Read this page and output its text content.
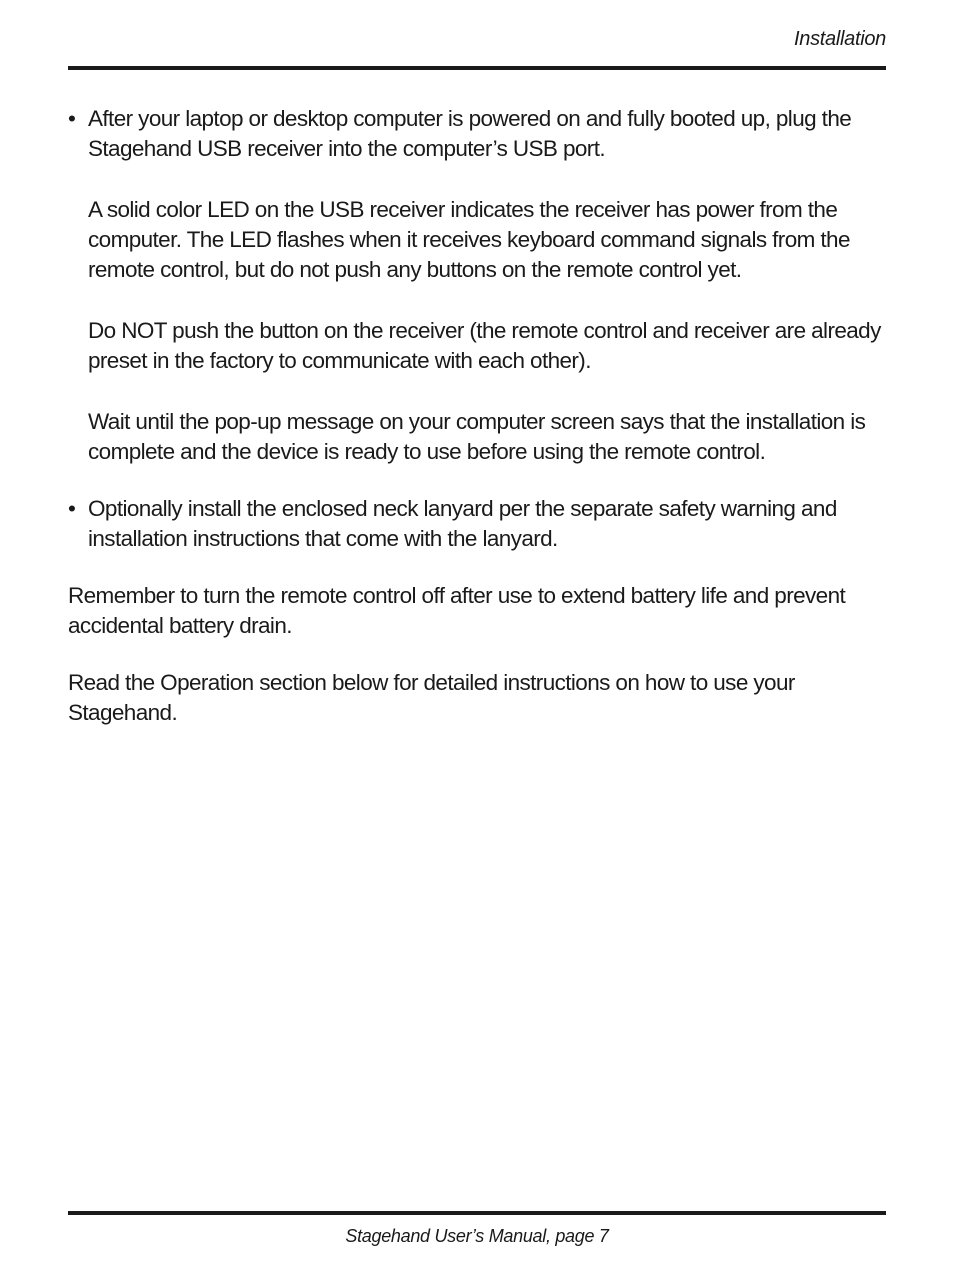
Installation
• After your laptop or desktop computer is powered on and fully booted up, plug the Stagehand USB receiver into the computer’s USB port.

A solid color LED on the USB receiver indicates the receiver has power from the computer. The LED flashes when it receives keyboard command signals from the remote control, but do not push any buttons on the remote control yet.

Do NOT push the button on the receiver (the remote control and receiver are already preset in the factory to communicate with each other).

Wait until the pop-up message on your computer screen says that the installation is complete and the device is ready to use before using the remote control.

• Optionally install the enclosed neck lanyard per the separate safety warning and installation instructions that come with the lanyard.

Remember to turn the remote control off after use to extend battery life and prevent accidental battery drain.

Read the Operation section below for detailed instructions on how to use your Stagehand.

Stagehand User’s Manual, page 7
